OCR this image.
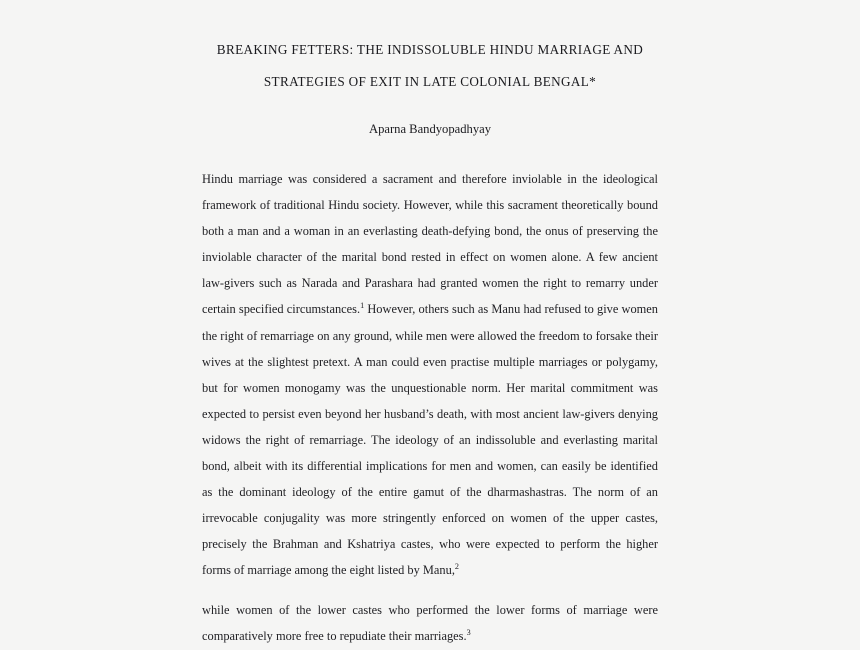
BREAKING FETTERS: THE INDISSOLUBLE HINDU MARRIAGE AND
STRATEGIES OF EXIT IN LATE COLONIAL BENGAL*
Aparna Bandyopadhyay

Hindu marriage was considered a sacrament and therefore inviolable in the ideological framework of traditional Hindu society. However, while this sacrament theoretically bound both a man and a woman in an everlasting death-defying bond, the onus of preserving the inviolable character of the marital bond rested in effect on women alone. A few ancient law-givers such as Narada and Parashara had granted women the right to remarry under certain specified circumstances.$^1$ However, others such as Manu had refused to give women the right of remarriage on any ground, while men were allowed the freedom to forsake their wives at the slightest pretext. A man could even practise multiple marriages or polygamy, but for women monogamy was the unquestionable norm. Her marital commitment was expected to persist even beyond her husband’s death, with most ancient law-givers denying widows the right of remarriage. The ideology of an indissoluble and everlasting marital bond, albeit with its differential implications for men and women, can easily be identified as the dominant ideology of the entire gamut of the dharmashastras. The norm of an irrevocable conjugality was more stringently enforced on women of the upper castes, precisely the Brahman and Kshatriya castes, who were expected to perform the higher forms of marriage among the eight listed by Manu,$^2$

while women of the lower castes who performed the lower forms of marriage were comparatively more free to repudiate their marriages.$^3$
